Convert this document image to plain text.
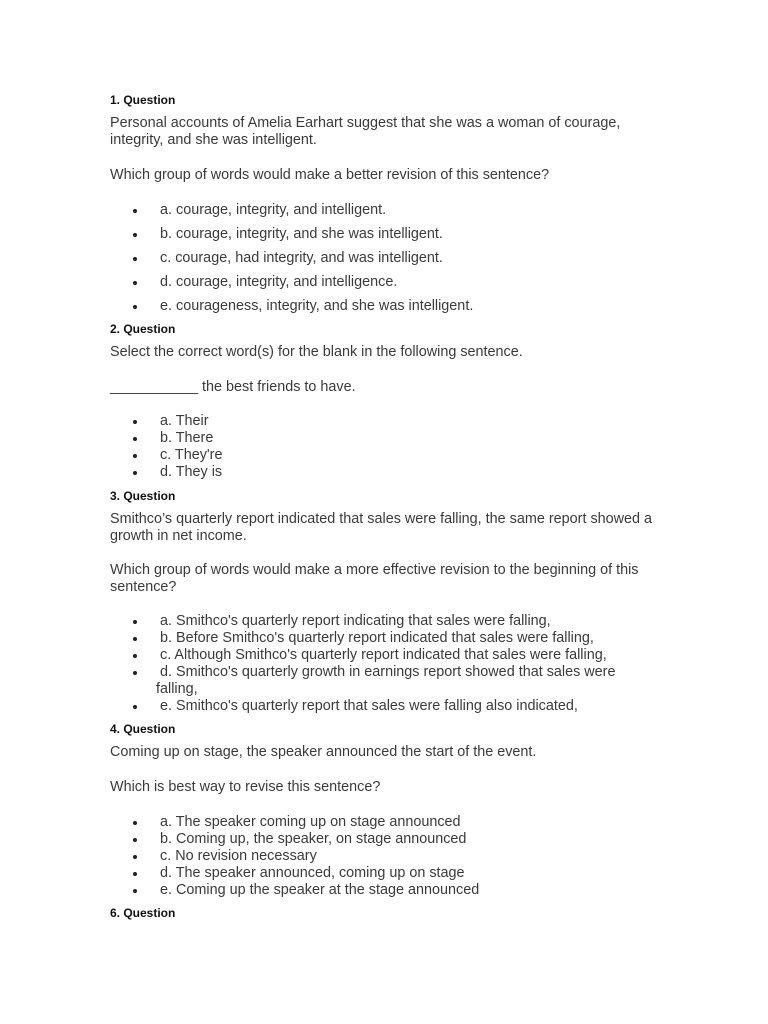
1. Question
Personal accounts of Amelia Earhart suggest that she was a woman of courage, integrity, and she was intelligent.
Which group of words would make a better revision of this sentence?
a. courage, integrity, and intelligent.
b. courage, integrity, and she was intelligent.
c. courage, had integrity, and was intelligent.
d. courage, integrity, and intelligence.
e. courageness, integrity, and she was intelligent.
2. Question
Select the correct word(s) for the blank in the following sentence.
___________ the best friends to have.
a. Their
b. There
c. They're
d. They is
3. Question
Smithco’s quarterly report indicated that sales were falling, the same report showed a growth in net income.
Which group of words would make a more effective revision to the beginning of this sentence?
a. Smithco's quarterly report indicating that sales were falling,
b. Before Smithco's quarterly report indicated that sales were falling,
c. Although Smithco's quarterly report indicated that sales were falling,
d. Smithco's quarterly growth in earnings report showed that sales were
falling,
e. Smithco's quarterly report that sales were falling also indicated,
4. Question
Coming up on stage, the speaker announced the start of the event.
Which is best way to revise this sentence?
a. The speaker coming up on stage announced
b. Coming up, the speaker, on stage announced
c. No revision necessary
d. The speaker announced, coming up on stage
e. Coming up the speaker at the stage announced
6. Question
